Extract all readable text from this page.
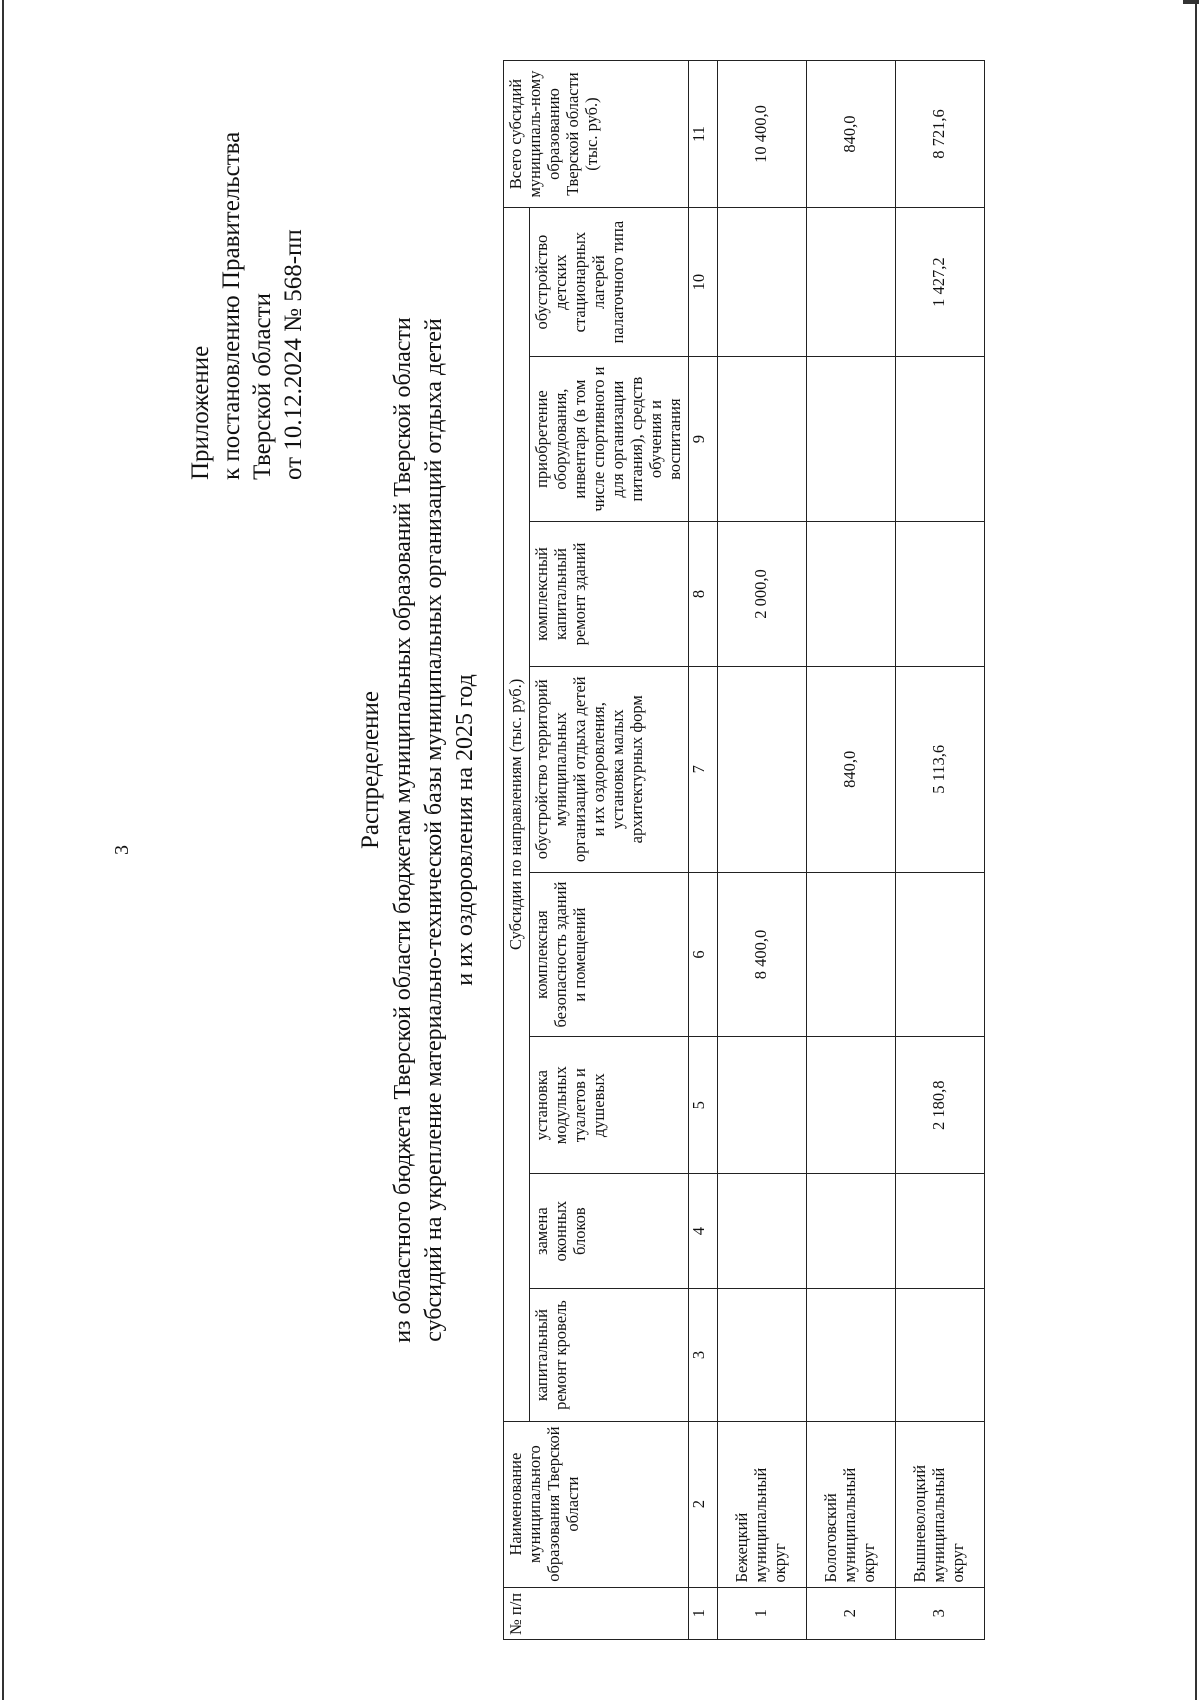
3
Приложение к постановлению Правительства Тверской области от 10.12.2024 № 568-пп
Распределение из областного бюджета Тверской области бюджетам муниципальных образований Тверской области субсидий на укрепление материально-технической базы муниципальных организаций отдыха детей и их оздоровления на 2025 год
№ п/п	Наименование муниципального образования Тверской области	Субсидии по направлениям (тыс. руб.)								Всего субсидий муниципаль-ному образованию Тверской области (тыс. руб.)
		капитальный ремонт кровель	замена оконных блоков	установка модульных туалетов и душевых	комплексная безопасность зданий и помещений	обустройство территорий муниципальных организаций отдыха детей и их оздоровления, установка малых архитектурных форм	комплексный капитальный ремонт зданий	приобретение оборудования, инвентаря (в том числе спортивного и для организации питания), средств обучения и воспитания	обустройство детских стационарных лагерей палаточного типа	
1	2	3	4	5	6	7	8	9	10	11
1	Бежецкий муниципальный округ				8 400,0		2 000,0			10 400,0
2	Бологовский муниципальный округ					840,0				840,0
3	Вышневолоцкий муниципальный округ			2 180,8		5 113,6			1 427,2	8 721,6
